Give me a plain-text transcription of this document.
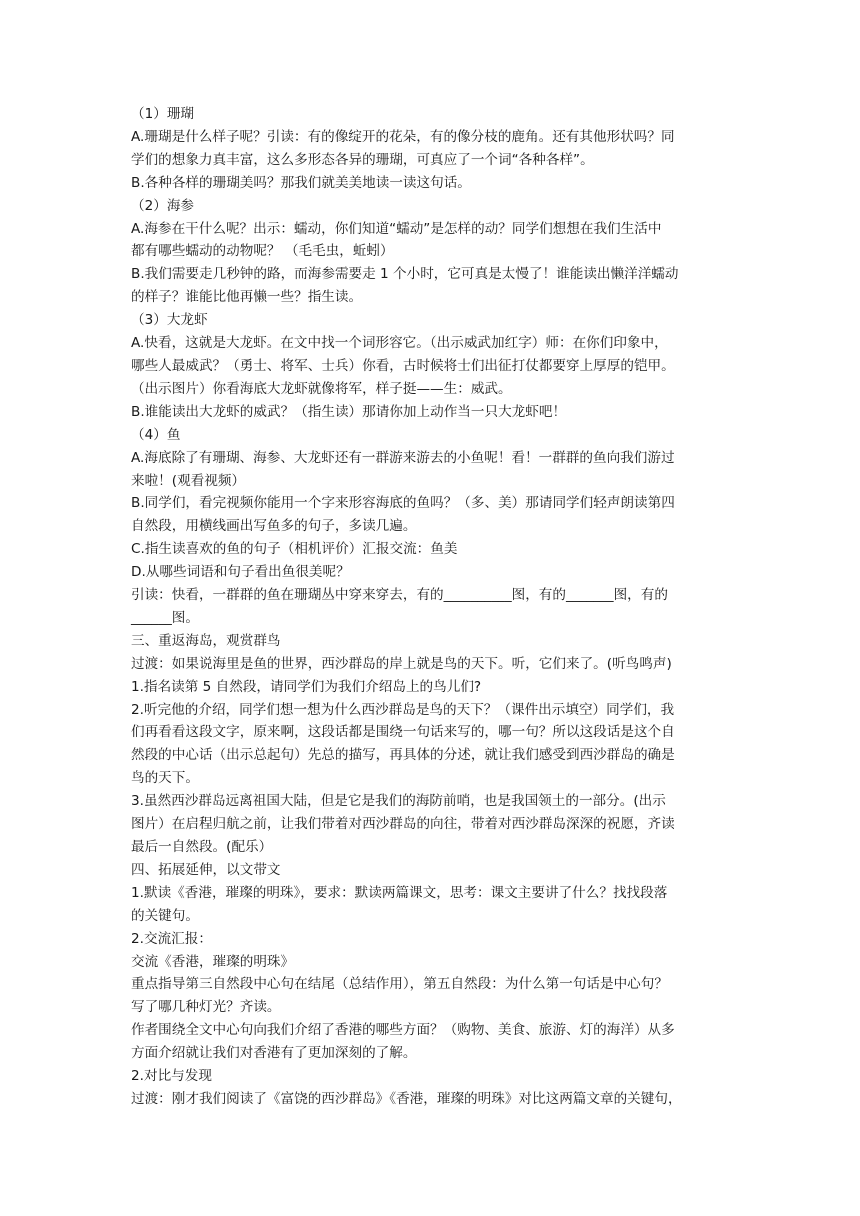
（1）珊瑚

A.珊瑚是什么样子呢？引读：有的像绽开的花朵，有的像分枝的鹿角。还有其他形状吗？同

学们的想象力真丰富，这么多形态各异的珊瑚，可真应了一个词“各种各样”。

B.各种各样的珊瑚美吗？那我们就美美地读一读这句话。

（2）海参

A.海参在干什么呢？出示：蠕动，你们知道“蠕动”是怎样的动？同学们想想在我们生活中

都有哪些蠕动的动物呢？ （毛毛虫，蚯蚓）

B.我们需要走几秒钟的路，而海参需要走 1 个小时，它可真是太慢了！谁能读出懒洋洋蠕动

的样子？谁能比他再懒一些？指生读。

（3）大龙虾

A.快看，这就是大龙虾。在文中找一个词形容它。（出示威武加红字）师：在你们印象中，

哪些人最威武？（勇士、将军、士兵）你看，古时候将士们出征打仗都要穿上厚厚的铠甲。

（出示图片）你看海底大龙虾就像将军，样子挺——生：威武。

B.谁能读出大龙虾的威武？（指生读）那请你加上动作当一只大龙虾吧！

（4）鱼

A.海底除了有珊瑚、海参、大龙虾还有一群游来游去的小鱼呢！看！一群群的鱼向我们游过

来啦！(观看视频）

B.同学们，看完视频你能用一个字来形容海底的鱼吗？（多、美）那请同学们轻声朗读第四

自然段，用横线画出写鱼多的句子，多读几遍。

C.指生读喜欢的鱼的句子（相机评价）汇报交流：鱼美

D.从哪些词语和句子看出鱼很美呢？

引读：快看，一群群的鱼在珊瑚丛中穿来穿去，有的__________图，有的_______图，有的

______图。

三、重返海岛，观赏群鸟

过渡：如果说海里是鱼的世界，西沙群岛的岸上就是鸟的天下。听，它们来了。(听鸟鸣声)

1.指名读第 5 自然段，请同学们为我们介绍岛上的鸟儿们?

2.听完他的介绍，同学们想一想为什么西沙群岛是鸟的天下？（课件出示填空）同学们，我

们再看看这段文字，原来啊，这段话都是围绕一句话来写的，哪一句？所以这段话是这个自

然段的中心话（出示总起句）先总的描写，再具体的分述，就让我们感受到西沙群岛的确是

鸟的天下。

3.虽然西沙群岛远离祖国大陆，但是它是我们的海防前哨，也是我国领土的一部分。(出示

图片）在启程归航之前，让我们带着对西沙群岛的向往，带着对西沙群岛深深的祝愿，齐读

最后一自然段。(配乐）

四、拓展延伸，以文带文

1.默读《香港，璀璨的明珠》，要求：默读两篇课文，思考：课文主要讲了什么？找找段落

的关键句。

2.交流汇报：

交流《香港，璀璨的明珠》

重点指导第三自然段中心句在结尾（总结作用），第五自然段：为什么第一句话是中心句？

写了哪几种灯光？齐读。

作者围绕全文中心句向我们介绍了香港的哪些方面？（购物、美食、旅游、灯的海洋）从多

方面介绍就让我们对香港有了更加深刻的了解。

2.对比与发现

过渡：刚才我们阅读了《富饶的西沙群岛》《香港，璀璨的明珠》对比这两篇文章的关键句，
